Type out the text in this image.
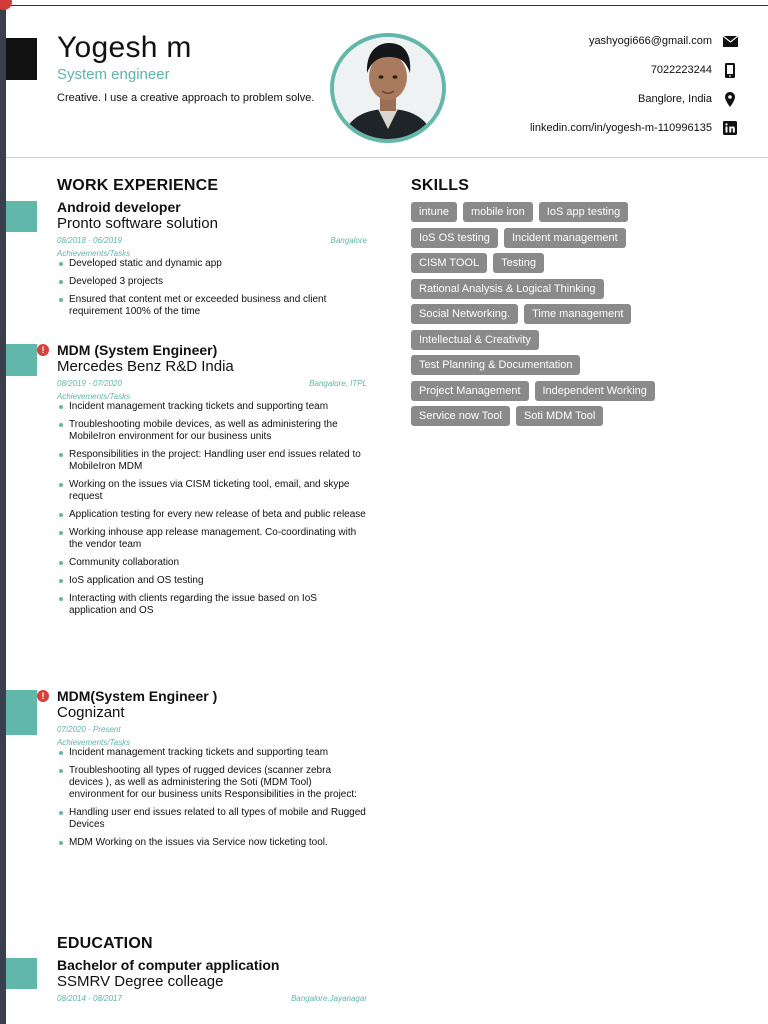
Yogesh m
System engineer
Creative. I use a creative approach to problem solve.
yashyogi666@gmail.com
7022223244
Banglore, India
linkedin.com/in/yogesh-m-110996135
WORK EXPERIENCE
Android developer
Pronto software solution
08/2018 - 06/2019	Bangalore
Achievements/Tasks
Developed static and dynamic app
Developed 3 projects
Ensured that content met or exceeded business and client requirement 100% of the time
! MDM (System Engineer)
Mercedes Benz R&D India
08/2019 - 07/2020	Bangalore, ITPL
Achievements/Tasks
Incident management tracking tickets and supporting team
Troubleshooting mobile devices, as well as administering the MobileIron environment for our business units
Responsibilities in the project: Handling user end issues related to MobileIron MDM
Working on the issues via CISM ticketing tool, email, and skype request
Application testing for every new release of beta and public release
Working inhouse app release management. Co-coordinating with the vendor team
Community collaboration
IoS application and OS testing
Interacting with clients regarding the issue based on IoS application and OS
! MDM(System Engineer )
Cognizant
07/2020 - Present
Achievements/Tasks
Incident management tracking tickets and supporting team
Troubleshooting all types of rugged devices (scanner zebra devices ), as well as administering the Soti (MDM Tool) environment for our business units Responsibilities in the project:
Handling user end issues related to all types of mobile and Rugged Devices
MDM Working on the issues via Service now ticketing tool.
EDUCATION
Bachelor of computer application
SSMRV Degree colleage
08/2014 - 08/2017	Bangalore,Jayanagar
SKILLS
intune	mobile iron	IoS app testing
IoS OS testing	Incident management
CISM TOOL	Testing
Rational Analysis & Logical Thinking
Social Networking.	Time management
Intellectual & Creativity
Test Planning & Documentation
Project Management	Independent Working
Service now Tool	Soti MDM Tool
